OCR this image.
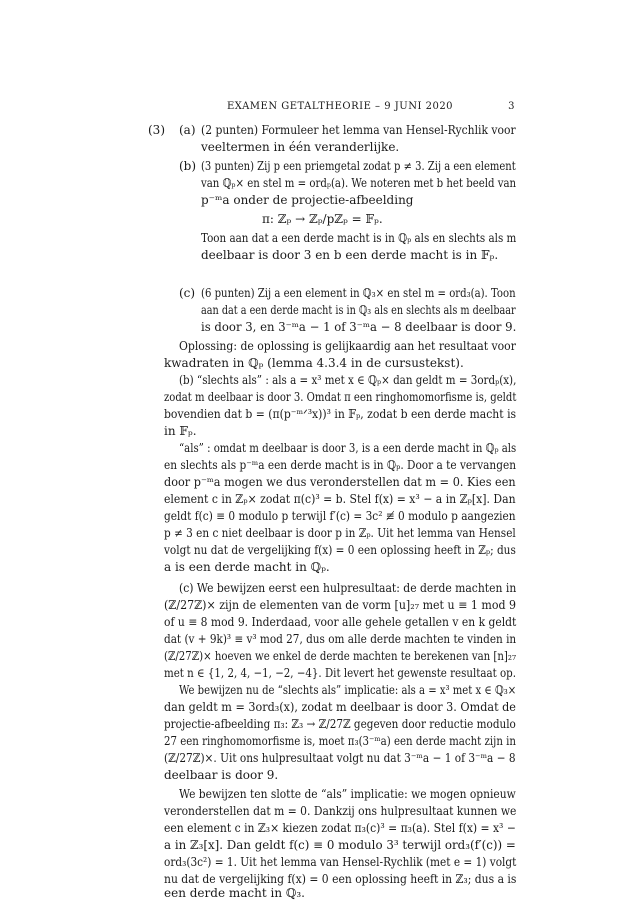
EXAMEN GETALTHEORIE – 9 JUNI 2020	3
(3) (a)
(b)
(c)
(2 punten) Formuleer het lemma van Hensel-Rychlik voor
veeltermen in één veranderlijke.
(3 punten) Zij p een priemgetal zodat p ≠ 3. Zij a een element
van ℚₚ× en stel m = ordₚ(a). We noteren met b het beeld van
p⁻ᵐa onder de projectie-afbeelding
π: ℤₚ → ℤₚ/pℤₚ = 𝔽ₚ.
Toon aan dat a een derde macht is in ℚₚ als en slechts als m
deelbaar is door 3 en b een derde macht is in 𝔽ₚ.
(6 punten) Zij a een element in ℚ₃× en stel m = ord₃(a). Toon
aan dat a een derde macht is in ℚ₃ als en slechts als m deelbaar
is door 3, en 3⁻ᵐa − 1 of 3⁻ᵐa − 8 deelbaar is door 9.
Oplossing: de oplossing is gelijkaardig aan het resultaat voor
kwadraten in ℚₚ (lemma 4.3.4 in de cursustekst).
(b) “slechts als” : als a = x³ met x ∈ ℚₚ× dan geldt m = 3ordₚ(x),
zodat m deelbaar is door 3. Omdat π een ringhomomorfisme is, geldt
bovendien dat b = (π(p⁻ᵐᐟ³x))³ in 𝔽ₚ, zodat b een derde macht is
in 𝔽ₚ.
“als” : omdat m deelbaar is door 3, is a een derde macht in ℚₚ als
en slechts als p⁻ᵐa een derde macht is in ℚₚ. Door a te vervangen
door p⁻ᵐa mogen we dus veronderstellen dat m = 0. Kies een
element c in ℤₚ× zodat π(c)³ = b. Stel f(x) = x³ − a in ℤₚ[x]. Dan
geldt f(c) ≡ 0 modulo p terwijl f′(c) = 3c² ≢ 0 modulo p aangezien
p ≠ 3 en c niet deelbaar is door p in ℤₚ. Uit het lemma van Hensel
volgt nu dat de vergelijking f(x) = 0 een oplossing heeft in ℤₚ; dus
a is een derde macht in ℚₚ.
(c) We bewijzen eerst een hulpresultaat: de derde machten in
(ℤ/27ℤ)× zijn de elementen van de vorm [u]₂₇ met u ≡ 1 mod 9
of u ≡ 8 mod 9. Inderdaad, voor alle gehele getallen v en k geldt
dat (v + 9k)³ ≡ v³ mod 27, dus om alle derde machten te vinden in
(ℤ/27ℤ)× hoeven we enkel de derde machten te berekenen van [n]₂₇
met n ∈ {1, 2, 4, −1, −2, −4}. Dit levert het gewenste resultaat op.
We bewijzen nu de “slechts als” implicatie: als a = x³ met x ∈ ℚ₃×
dan geldt m = 3ord₃(x), zodat m deelbaar is door 3. Omdat de
projectie-afbeelding π₃: ℤ₃ → ℤ/27ℤ gegeven door reductie modulo
27 een ringhomomorfisme is, moet π₃(3⁻ᵐa) een derde macht zijn in
(ℤ/27ℤ)×. Uit ons hulpresultaat volgt nu dat 3⁻ᵐa − 1 of 3⁻ᵐa − 8
deelbaar is door 9.
We bewijzen ten slotte de “als” implicatie: we mogen opnieuw
veronderstellen dat m = 0. Dankzij ons hulpresultaat kunnen we
een element c in ℤ₃× kiezen zodat π₃(c)³ = π₃(a). Stel f(x) = x³ −
a in ℤ₃[x]. Dan geldt f(c) ≡ 0 modulo 3³ terwijl ord₃(f′(c)) =
ord₃(3c²) = 1. Uit het lemma van Hensel-Rychlik (met e = 1) volgt
nu dat de vergelijking f(x) = 0 een oplossing heeft in ℤ₃; dus a is
een derde macht in ℚ₃.
